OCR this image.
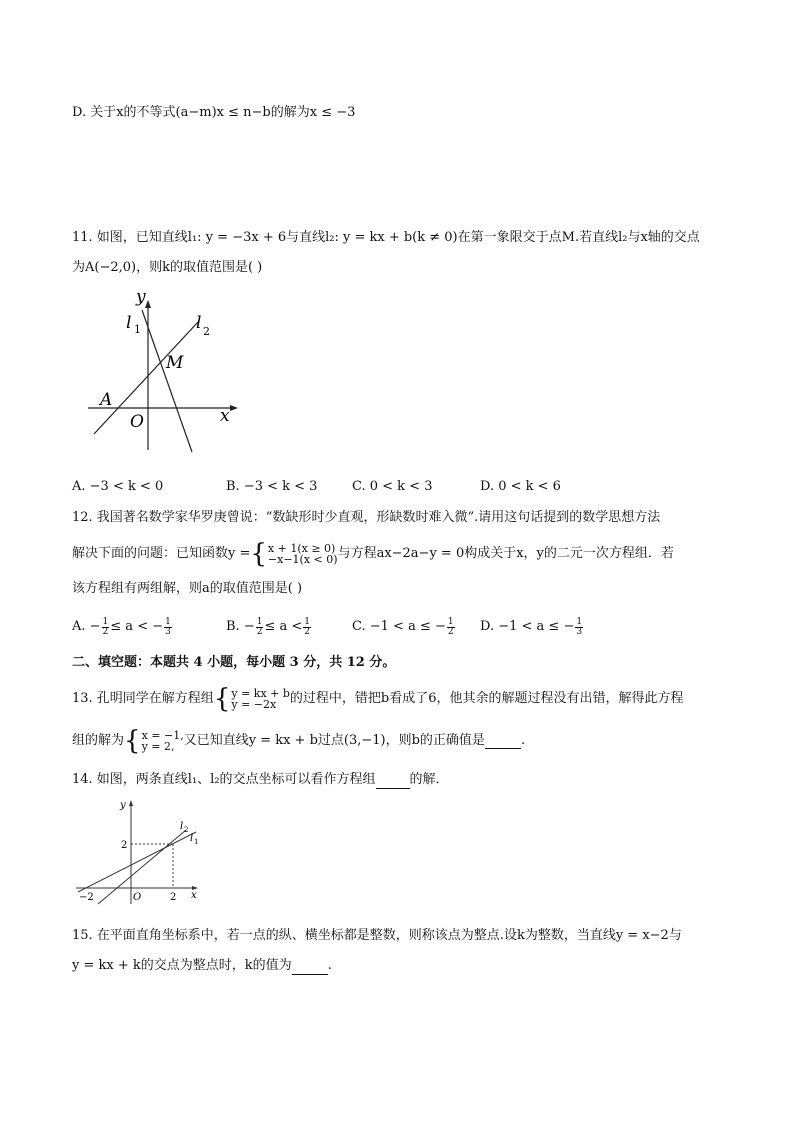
D. 关于x的不等式(a−m)x ≤ n−b的解为x ≤ −3
11. 如图，已知直线l₁: y = −3x + 6与直线l₂: y = kx + b(k ≠ 0)在第一象限交于点M.若直线l₂与x轴的交点
为A(−2,0)，则k的取值范围是( )
y
l 1	l 2
M
A
O	x
A. −3 < k < 0	B. −3 < k < 3	C. 0 < k < 3	D. 0 < k < 6
12. 我国著名数学家华罗庚曾说：“数缺形时少直观，形缺数时难入微”.请用这句话提到的数学思想方法
解决下面的问题：已知函数y = { x + 1(x ≥ 0)
−x−1(x < 0) 与方程ax−2a−y = 0构成关于x，y的二元一次方程组．若
该方程组有两组解，则a的取值范围是( )
A. − $\frac{1}{2} \le a$ < − $\frac{1}{3}$	B. − $\frac{1}{2} \le a < \frac{1}{2}$	C. −1 < a ≤ − $\frac{1}{2} D$. −1 < a ≤ − $\frac{1}{3}$
二、填空题：本题共 4 小题，每小题 3 分，共 12 分。
13. 孔明同学在解方程组 { y = kx + b
y = −2x	的过程中，错把b看成了6，他其余的解题过程没有出错，解得此方程
组的解为 { x = −1,
y = 2, 又已知直线y = kx + b过点(3,−1)，则b的正确值是	.
14. 如图，两条直线l₁、l₂的交点坐标可以看作方程组	的解．
y
x
O
2
2
−2
l 2
l 1
15. 在平面直角坐标系中，若一点的纵、横坐标都是整数，则称该点为整点.设k为整数，当直线y = x−2与
y = kx + k的交点为整点时，k的值为	.
